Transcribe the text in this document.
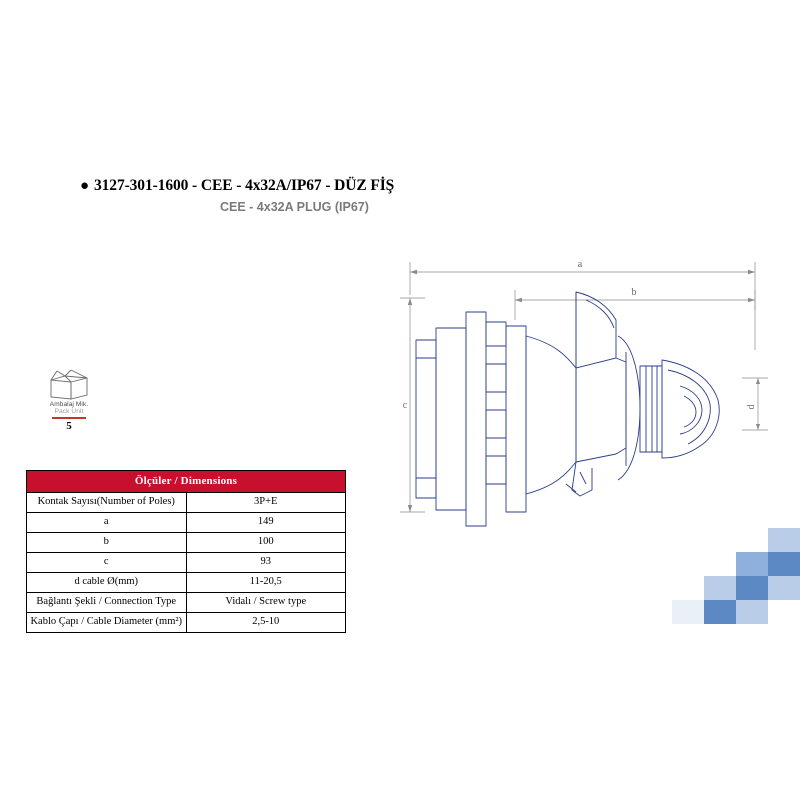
● 3127-301-1600 - CEE - 4x32A/IP67 - DÜZ FİŞ
CEE - 4x32A PLUG (IP67)
Ambalaj Mik.
Pack Unit
5
Ölçüler / Dimensions	
Kontak Sayısı(Number of Poles)	3P+E
a	149
b	100
c	93
d cable Ø(mm)	11-20,5
Bağlantı Şekli / Connection Type	Vidalı / Screw type
Kablo Çapı / Cable Diameter (mm²)	2,5-10
a
b
c	d
